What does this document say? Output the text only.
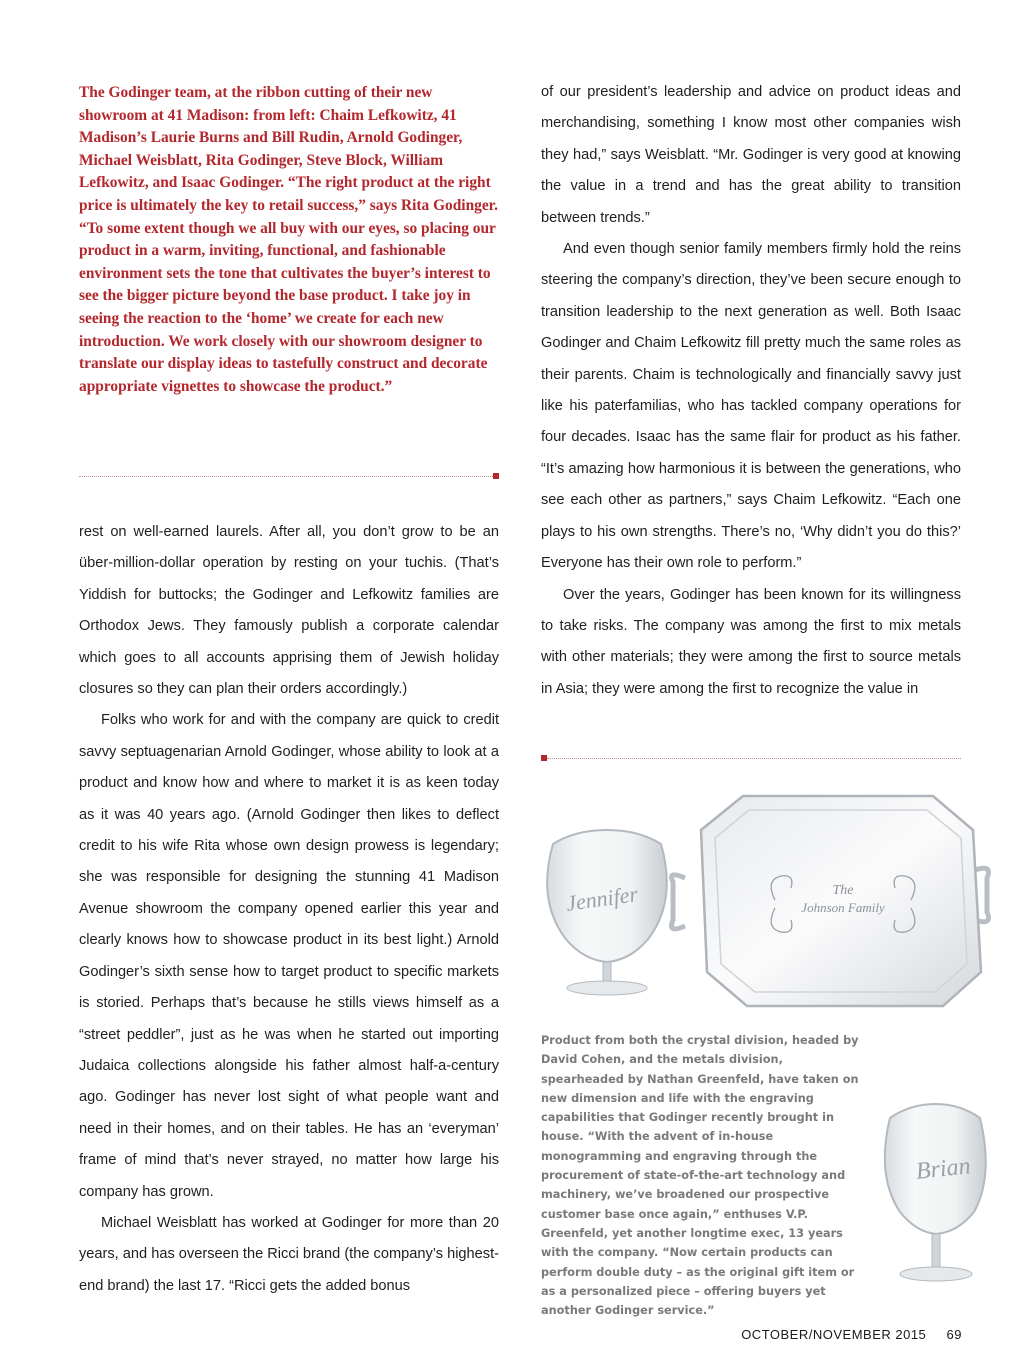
The Godinger team, at the ribbon cutting of their new showroom at 41 Madison: from left: Chaim Lefkowitz, 41 Madison’s Laurie Burns and Bill Rudin, Arnold Godinger, Michael Weisblatt, Rita Godinger, Steve Block, William Lefkowitz, and Isaac Godinger. “The right product at the right price is ultimately the key to retail success,” says Rita Godinger. “To some extent though we all buy with our eyes, so placing our product in a warm, inviting, functional, and fashionable environment sets the tone that cultivates the buyer’s interest to see the bigger picture beyond the base product. I take joy in seeing the reaction to the ‘home’ we create for each new introduction. We work closely with our showroom designer to translate our display ideas to tastefully construct and decorate appropriate vignettes to showcase the product.”

rest on well-earned laurels. After all, you don’t grow to be an über-million-dollar operation by resting on your tuchis. (That’s Yiddish for buttocks; the Godinger and Lefkowitz families are Orthodox Jews. They famously publish a corporate calendar which goes to all accounts apprising them of Jewish holiday closures so they can plan their orders accordingly.)

Folks who work for and with the company are quick to credit savvy septuagenarian Arnold Godinger, whose ability to look at a product and know how and where to market it is as keen today as it was 40 years ago. (Arnold Godinger then likes to deflect credit to his wife Rita whose own design prowess is legendary; she was responsible for designing the stunning 41 Madison Avenue showroom the company opened earlier this year and clearly knows how to showcase product in its best light.) Arnold Godinger’s sixth sense how to target product to specific markets is storied. Perhaps that’s because he stills views himself as a “street peddler”, just as he was when he started out importing Judaica collections alongside his father almost half-a-century ago. Godinger has never lost sight of what people want and need in their homes, and on their tables. He has an ‘everyman’ frame of mind that’s never strayed, no matter how large his company has grown.

Michael Weisblatt has worked at Godinger for more than 20 years, and has overseen the Ricci brand (the company’s highest-end brand) the last 17. “Ricci gets the added bonus

of our president’s leadership and advice on product ideas and merchandising, something I know most other companies wish they had,” says Weisblatt. “Mr. Godinger is very good at knowing the value in a trend and has the great ability to transition between trends.”

And even though senior family members firmly hold the reins steering the company’s direction, they’ve been secure enough to transition leadership to the next generation as well. Both Isaac Godinger and Chaim Lefkowitz fill pretty much the same roles as their parents. Chaim is technologically and financially savvy just like his paterfamilias, who has tackled company operations for four decades. Isaac has the same flair for product as his father. “It’s amazing how harmonious it is between the generations, who see each other as partners,” says Chaim Lefkowitz. “Each one plays to his own strengths. There’s no, ‘Why didn’t you do this?’ Everyone has their own role to perform.”

Over the years, Godinger has been known for its willingness to take risks. The company was among the first to mix metals with other materials; they were among the first to source metals in Asia; they were among the first to recognize the value in

The
Johnson Family
Jennifer
Brian

Product from both the crystal division, headed by David Cohen, and the metals division, spearheaded by Nathan Greenfeld, have taken on new dimension and life with the engraving capabilities that Godinger recently brought in house. “With the advent of in-house monogramming and engraving through the procurement of state-of-the-art technology and machinery, we’ve broadened our prospective customer base once again,” enthuses V.P. Greenfeld, yet another longtime exec, 13 years with the company. “Now certain products can perform double duty – as the original gift item or as a personalized piece – offering buyers yet another Godinger service.”

OCTOBER/NOVEMBER 2015 69
